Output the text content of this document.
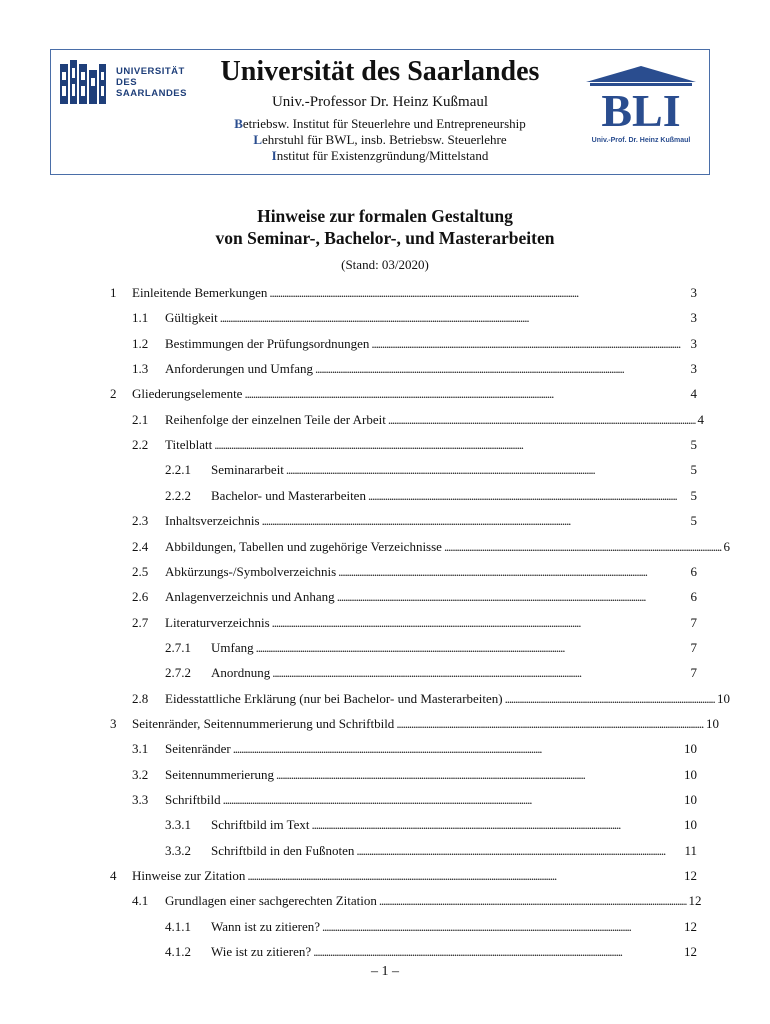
UNIVERSITÄT
DES
SAARLANDES
Universität des Saarlandes
Univ.-Professor Dr. Heinz Kußmaul
Betriebsw. Institut für Steuerlehre und Entrepreneurship
Lehrstuhl für BWL, insb. Betriebsw. Steuerlehre
Institut für Existenzgründung/Mittelstand
BLI
Univ.-Prof. Dr. Heinz Kußmaul
Hinweise zur formalen Gestaltung
von Seminar-, Bachelor-, und Masterarbeiten
(Stand: 03/2020)
1 Einleitende Bemerkungen . . .	3
1.1 Gültigkeit . . .	3
1.2 Bestimmungen der Prüfungsordnungen . . .	3
1.3 Anforderungen und Umfang . . .	3
2 Gliederungselemente . . .	4
2.1 Reihenfolge der einzelnen Teile der Arbeit . . .	4
2.2 Titelblatt . . .	5
2.2.1 Seminararbeit . . .	5
2.2.2 Bachelor- und Masterarbeiten . . .	5
2.3 Inhaltsverzeichnis . . .	5
2.4 Abbildungen, Tabellen und zugehörige Verzeichnisse . . .	6
2.5 Abkürzungs-/Symbolverzeichnis . . .	6
2.6 Anlagenverzeichnis und Anhang . . .	6
2.7 Literaturverzeichnis . . .	7
2.7.1 Umfang . . .	7
2.7.2 Anordnung . . .	7
2.8 Eidesstattliche Erklärung (nur bei Bachelor- und Masterarbeiten) . . .	10
3 Seitenränder, Seitennummerierung und Schriftbild . . .	10
3.1 Seitenränder . . .	10
3.2 Seitennummerierung . . .	10
3.3 Schriftbild . . .	10
3.3.1 Schriftbild im Text . . .	10
3.3.2 Schriftbild in den Fußnoten . . .	11
4 Hinweise zur Zitation . . .	12
4.1 Grundlagen einer sachgerechten Zitation . . .	12
4.1.1 Wann ist zu zitieren? . . .	12
4.1.2 Wie ist zu zitieren? . . .	12
– 1 –
